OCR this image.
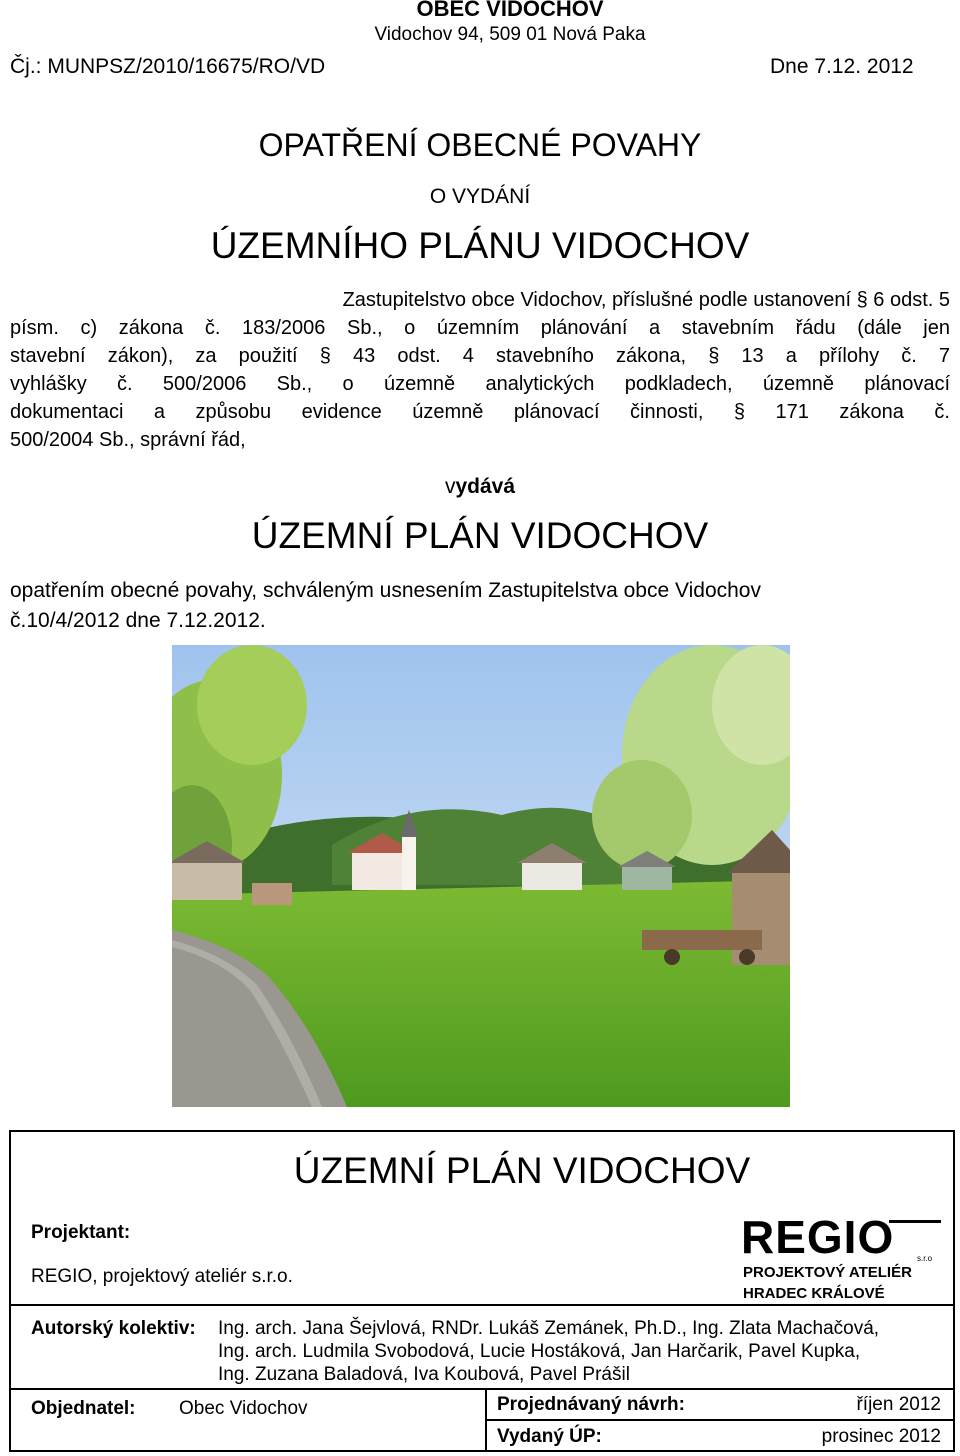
OBEC VIDOCHOV
Vidochov 94, 509 01 Nová Paka
Čj.: MUNPSZ/2010/16675/RO/VD	Dne 7.12. 2012
OPATŘENÍ OBECNÉ POVAHY
O VYDÁNÍ
ÚZEMNÍHO PLÁNU VIDOCHOV
Zastupitelstvo obce Vidochov, příslušné podle ustanovení § 6 odst. 5
písm. c) zákona č. 183/2006 Sb., o územním plánování a stavebním řádu (dále jen
stavební zákon), za použití § 43 odst. 4 stavebního zákona, § 13 a přílohy č. 7
vyhlášky č. 500/2006 Sb., o územně analytických podkladech, územně plánovací
dokumentaci a způsobu evidence územně plánovací činnosti, § 171 zákona č.
500/2004 Sb., správní řád,
vydává
ÚZEMNÍ PLÁN VIDOCHOV
opatřením obecné povahy, schváleným usnesením Zastupitelstva obce Vidochov
č.10/4/2012 dne 7.12.2012.
ÚZEMNÍ PLÁN VIDOCHOV
Projektant:
REGIO, projektový ateliér s.r.o.
REGIO	s.r.o
PROJEKTOVÝ ATELIÉR
HRADEC KRÁLOVÉ
Autorský kolektiv: Ing. arch. Jana Šejvlová, RNDr. Lukáš Zemánek, Ph.D., Ing. Zlata Machačová,
Ing. arch. Ludmila Svobodová, Lucie Hostáková, Jan Harčarik, Pavel Kupka,
Ing. Zuzana Baladová, Iva Koubová, Pavel Prášil
Objednatel: Obec Vidochov	Projednávaný návrh:	říjen 2012
Vydaný ÚP:	prosinec 2012
